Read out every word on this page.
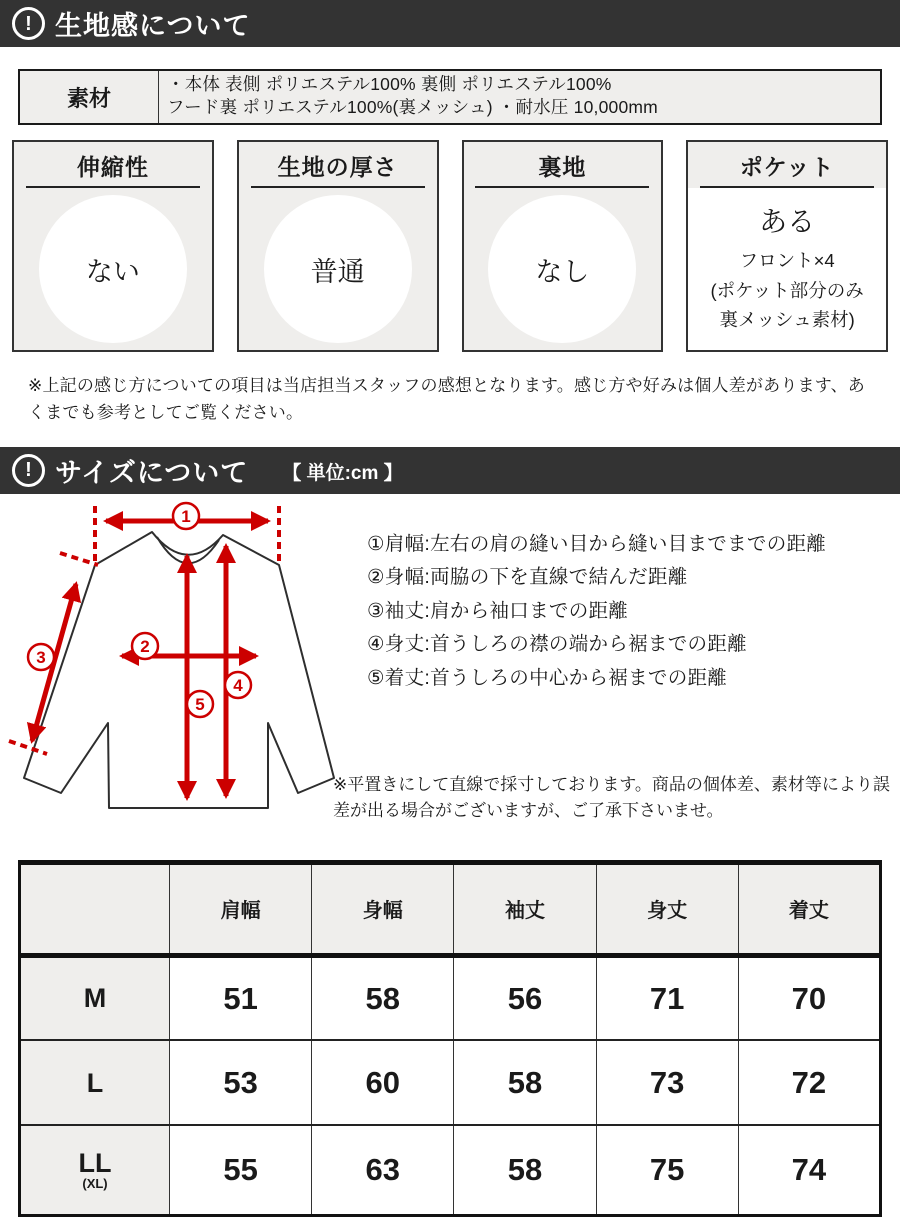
! 生地感について
素材
・本体 表側 ポリエステル100% 裏側 ポリエステル100%
フード裏 ポリエステル100%(裏メッシュ) ・耐水圧 10,000mm
伸縮性
ない
生地の厚さ
普通
裏地
なし
ポケット
ある
フロント×4
(ポケット部分のみ
裏メッシュ素材)
※上記の感じ方についての項目は当店担当スタッフの感想となります。感じ方や好みは個人差があります、あくまでも参考としてご覧ください。
! サイズについて 【 単位:cm 】
1
2
3
4
5
①肩幅:左右の肩の縫い目から縫い目までまでの距離
②身幅:両脇の下を直線で結んだ距離
③袖丈:肩から袖口までの距離
④身丈:首うしろの襟の端から裾までの距離
⑤着丈:首うしろの中心から裾までの距離
※平置きにして直線で採寸しております。商品の個体差、素材等により誤差が出る場合がございますが、ご了承下さいませ。
	肩幅	身幅	袖丈	身丈	着丈
M	51	58	56	71	70
L	53	60	58	73	72

LL
(XL)	55	63	58	75	74
